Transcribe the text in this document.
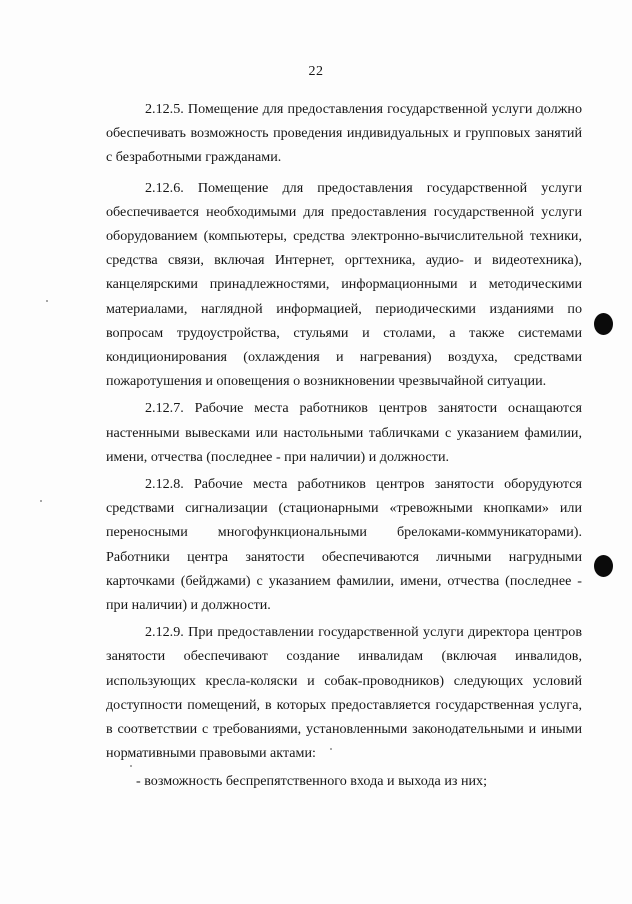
22

2.12.5. Помещение для предоставления государственной услуги должно обеспечивать возможность проведения индивидуальных и групповых занятий с безработными гражданами.

2.12.6. Помещение для предоставления государственной услуги обеспечивается необходимыми для предоставления государственной услуги оборудованием (компьютеры, средства электронно-вычислительной техники, средства связи, включая Интернет, оргтехника, аудио- и видеотехника), канцелярскими принадлежностями, информационными и методическими материалами, наглядной информацией, периодическими изданиями по вопросам трудоустройства, стульями и столами, а также системами кондиционирования (охлаждения и нагревания) воздуха, средствами пожаротушения и оповещения о возникновении чрезвычайной ситуации.

2.12.7. Рабочие места работников центров занятости оснащаются настенными вывесками или настольными табличками с указанием фамилии, имени, отчества (последнее - при наличии) и должности.

2.12.8. Рабочие места работников центров занятости оборудуются средствами сигнализации (стационарными «тревожными кнопками» или переносными многофункциональными брелоками-коммуникаторами). Работники центра занятости обеспечиваются личными нагрудными карточками (бейджами) с указанием фамилии, имени, отчества (последнее - при наличии) и должности.

2.12.9. При предоставлении государственной услуги директора центров занятости обеспечивают создание инвалидам (включая инвалидов, использующих кресла-коляски и собак-проводников) следующих условий доступности помещений, в которых предоставляется государственная услуга, в соответствии с требованиями, установленными законодательными и иными нормативными правовыми актами:

- возможность беспрепятственного входа и выхода из них;
